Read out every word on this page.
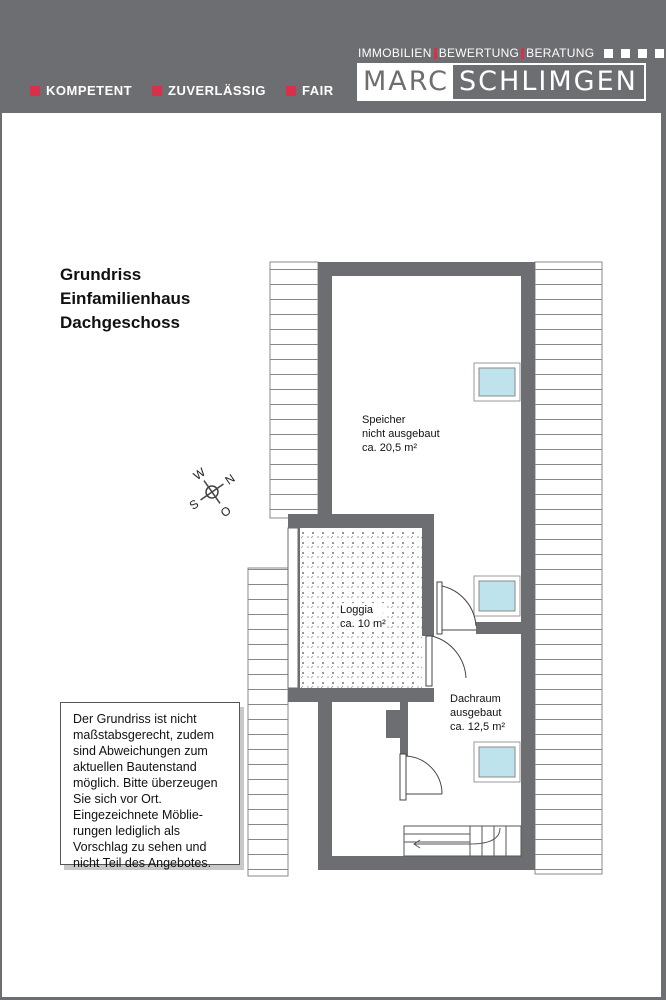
KOMPETENT	ZUVERLÄSSIG	FAIR
IMMOBILIEN BEWERTUNG BERATUNG
MARC SCHLIMGEN
Grundriss
Einfamilienhaus
Dachgeschoss
W
O
S
N
Speicher
nicht ausgebaut
ca. 20,5 m²
Loggia
ca. 10 m²
Dachraum
ausgebaut
ca. 12,5 m²
Der Grundriss ist nicht
maßstabsgerecht, zudem
sind Abweichungen zum
aktuellen Bautenstand
möglich. Bitte überzeugen
Sie sich vor Ort.
Eingezeichnete Möblie-
rungen lediglich als
Vorschlag zu sehen und
nicht Teil des Angebotes.
